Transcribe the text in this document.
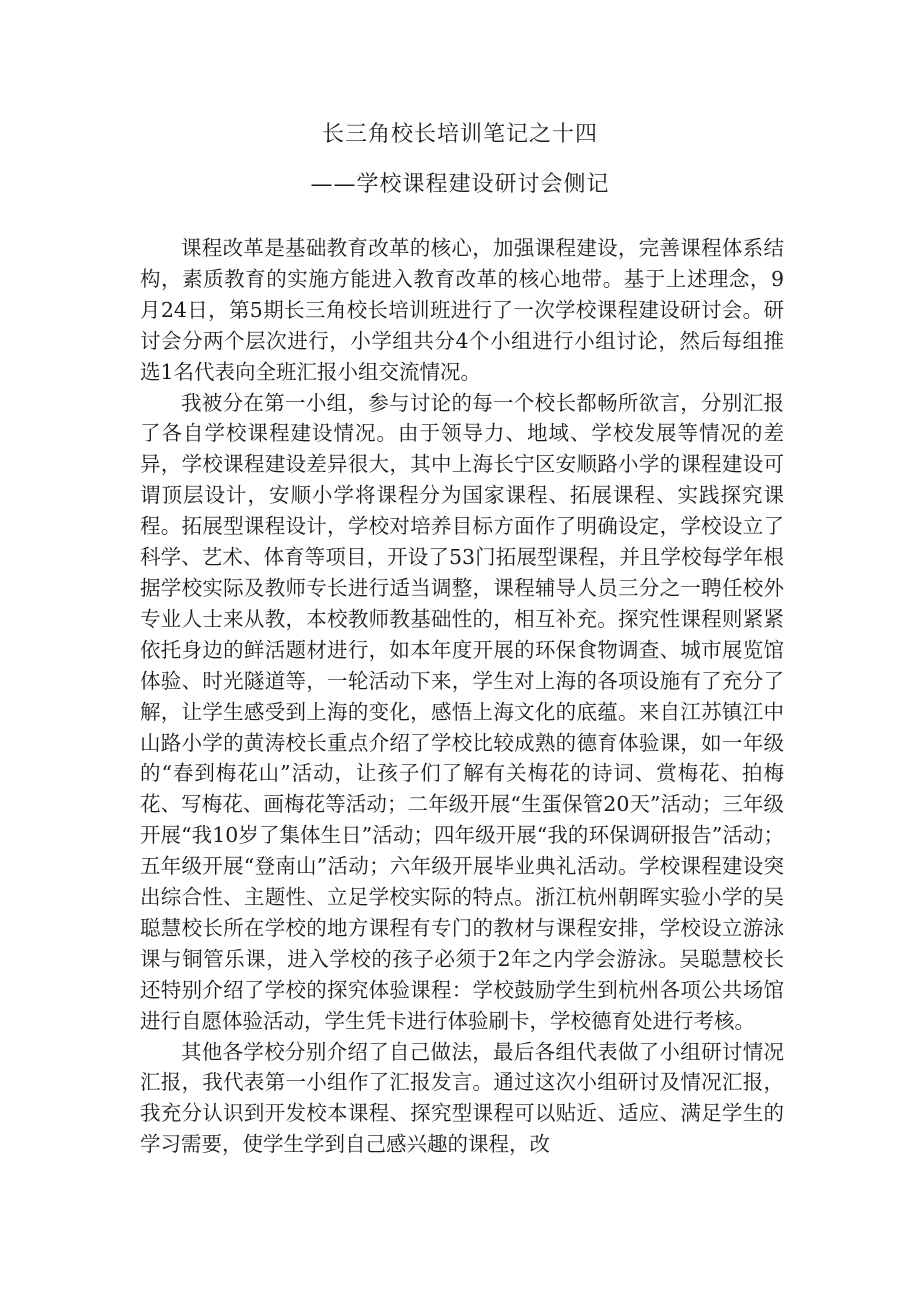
长三角校长培训笔记之十四
——学校课程建设研讨会侧记

课程改革是基础教育改革的核心，加强课程建设，完善课程体系结构，素质教育的实施方能进入教育改革的核心地带。基于上述理念，9月24日，第5期长三角校长培训班进行了一次学校课程建设研讨会。研讨会分两个层次进行，小学组共分4个小组进行小组讨论，然后每组推选1名代表向全班汇报小组交流情况。

我被分在第一小组，参与讨论的每一个校长都畅所欲言，分别汇报了各自学校课程建设情况。由于领导力、地域、学校发展等情况的差异，学校课程建设差异很大，其中上海长宁区安顺路小学的课程建设可谓顶层设计，安顺小学将课程分为国家课程、拓展课程、实践探究课程。拓展型课程设计，学校对培养目标方面作了明确设定，学校设立了科学、艺术、体育等项目，开设了53门拓展型课程，并且学校每学年根据学校实际及教师专长进行适当调整，课程辅导人员三分之一聘任校外专业人士来从教，本校教师教基础性的，相互补充。探究性课程则紧紧依托身边的鲜活题材进行，如本年度开展的环保食物调查、城市展览馆体验、时光隧道等，一轮活动下来，学生对上海的各项设施有了充分了解，让学生感受到上海的变化，感悟上海文化的底蕴。来自江苏镇江中山路小学的黄涛校长重点介绍了学校比较成熟的德育体验课，如一年级的“春到梅花山”活动，让孩子们了解有关梅花的诗词、赏梅花、拍梅花、写梅花、画梅花等活动；二年级开展“生蛋保管20天”活动；三年级开展“我10岁了集体生日”活动；四年级开展“我的环保调研报告”活动；五年级开展“登南山”活动；六年级开展毕业典礼活动。学校课程建设突出综合性、主题性、立足学校实际的特点。浙江杭州朝晖实验小学的吴聪慧校长所在学校的地方课程有专门的教材与课程安排，学校设立游泳课与铜管乐课，进入学校的孩子必须于2年之内学会游泳。吴聪慧校长还特别介绍了学校的探究体验课程：学校鼓励学生到杭州各项公共场馆进行自愿体验活动，学生凭卡进行体验刷卡，学校德育处进行考核。

其他各学校分别介绍了自己做法，最后各组代表做了小组研讨情况汇报，我代表第一小组作了汇报发言。通过这次小组研讨及情况汇报，我充分认识到开发校本课程、探究型课程可以贴近、适应、满足学生的学习需要，使学生学到自己感兴趣的课程，改
